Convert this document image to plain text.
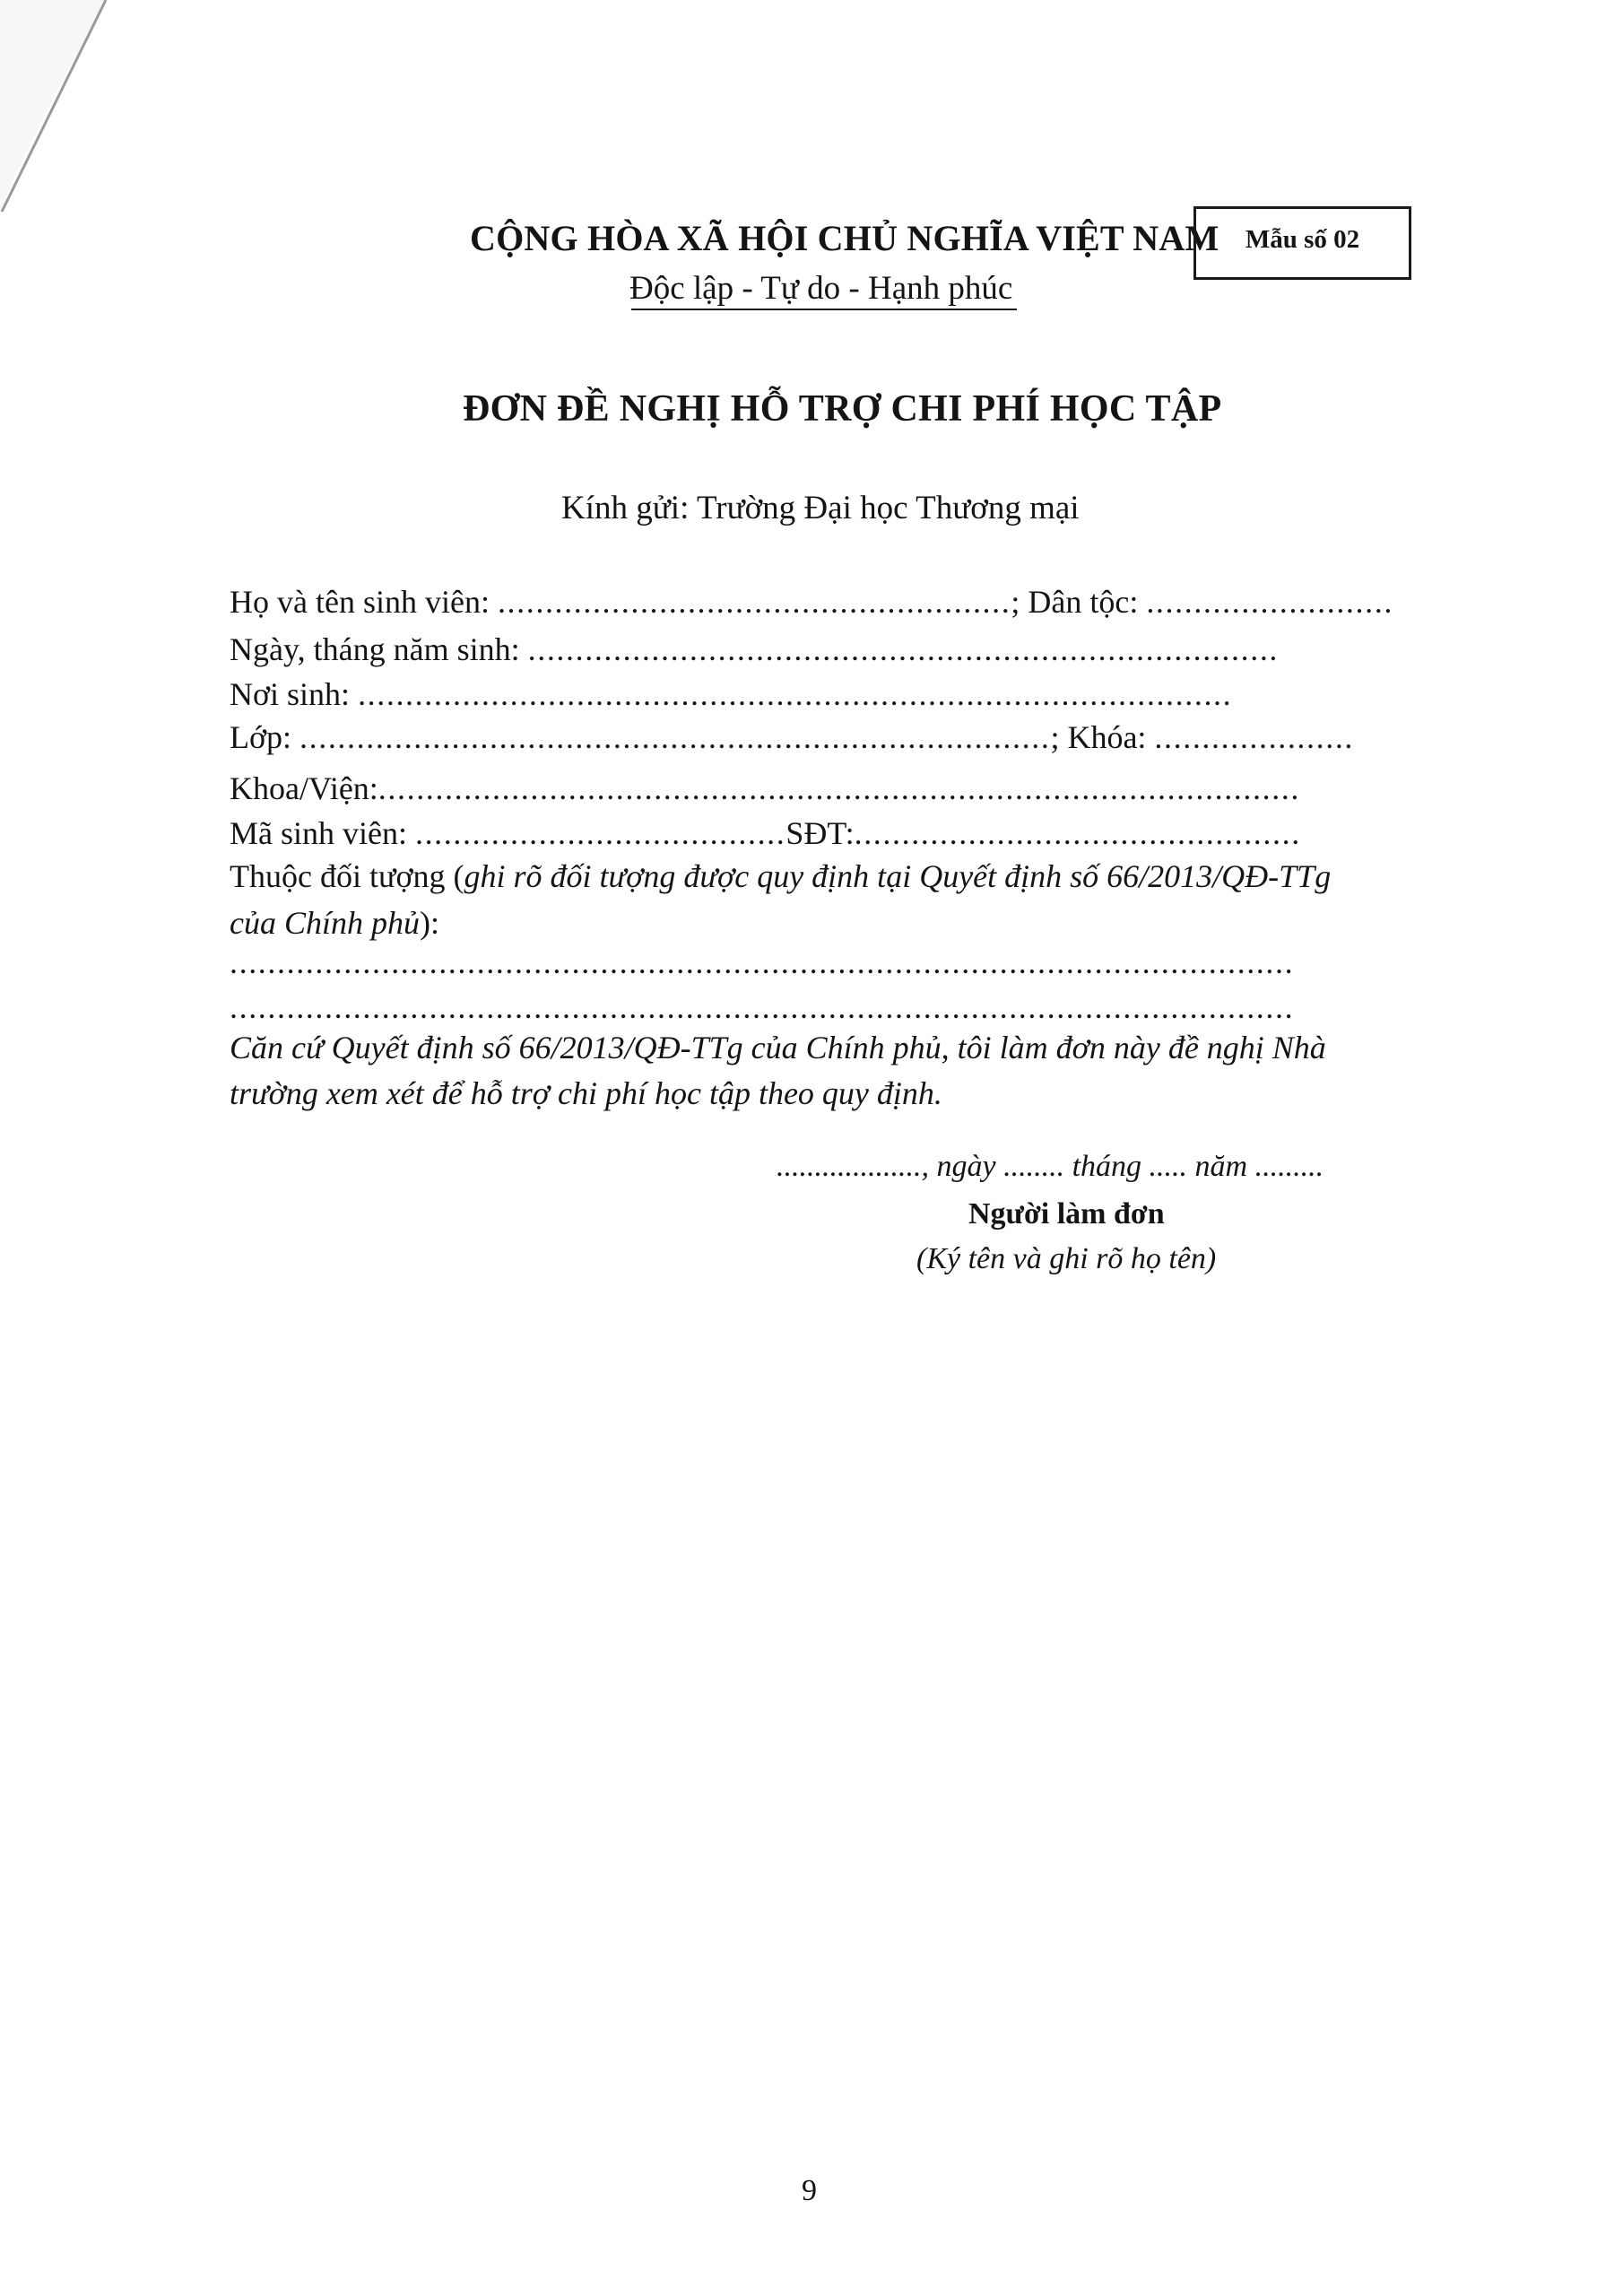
CỘNG HÒA XÃ HỘI CHỦ NGHĨA VIỆT NAM
Độc lập - Tự do - Hạnh phúc
Mẫu số 02
ĐƠN ĐỀ NGHỊ HỖ TRỢ CHI PHÍ HỌC TẬP
Kính gửi: Trường Đại học Thương mại
Họ và tên sinh viên: ......................................................; Dân tộc: ..........................
Ngày, tháng năm sinh: ...............................................................................
Nơi sinh: ............................................................................................
Lớp: ...............................................................................; Khóa: .....................
Khoa/Viện:.................................................................................................
Mã sinh viên: .......................................SĐT:...............................................
Thuộc đối tượng (ghi rõ đối tượng được quy định tại Quyết định số 66/2013/QĐ-TTg
của Chính phủ):
................................................................................................................
................................................................................................................
Căn cứ Quyết định số 66/2013/QĐ-TTg của Chính phủ, tôi làm đơn này đề nghị Nhà
trường xem xét để hỗ trợ chi phí học tập theo quy định.
..................., ngày ........ tháng ..... năm .........
Người làm đơn
(Ký tên và ghi rõ họ tên)
9
